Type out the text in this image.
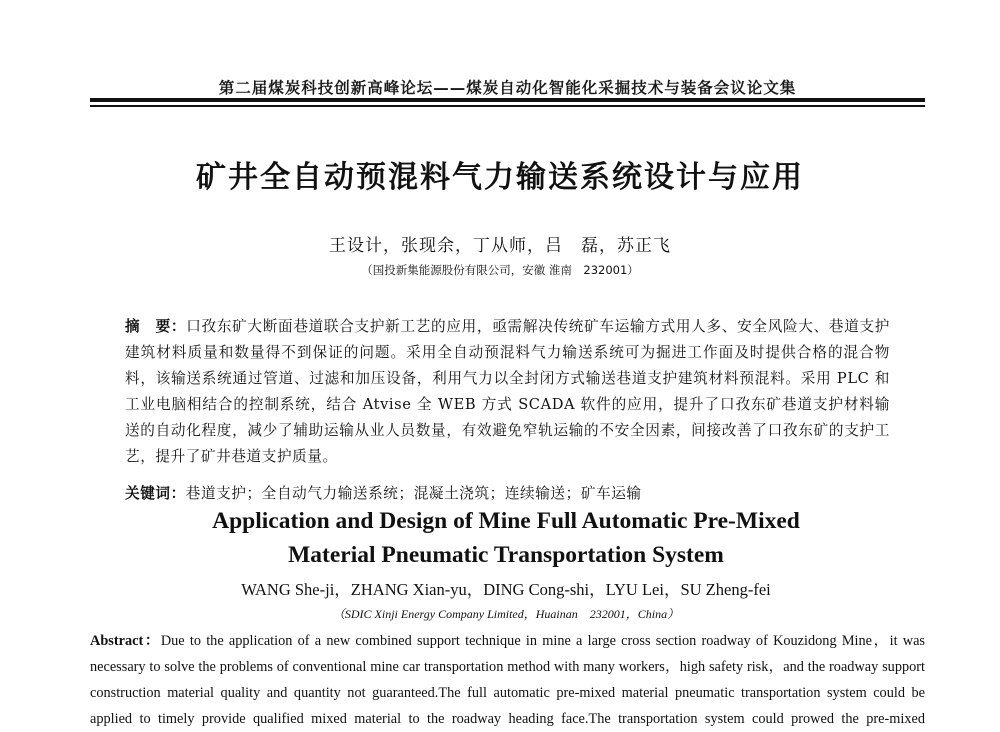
第二届煤炭科技创新高峰论坛——煤炭自动化智能化采掘技术与装备会议论文集
矿井全自动预混料气力输送系统设计与应用
王设计，张现余，丁从师，吕　磊，苏正飞
（国投新集能源股份有限公司，安徽 淮南　232001）
摘　要：口孜东矿大断面巷道联合支护新工艺的应用，亟需解决传统矿车运输方式用人多、安全风险大、巷道支护建筑材料质量和数量得不到保证的问题。采用全自动预混料气力输送系统可为掘进工作面及时提供合格的混合物料，该输送系统通过管道、过滤和加压设备，利用气力以全封闭方式输送巷道支护建筑材料预混料。采用 PLC 和工业电脑相结合的控制系统，结合 Atvise 全 WEB 方式 SCADA 软件的应用，提升了口孜东矿巷道支护材料输送的自动化程度，减少了辅助运输从业人员数量，有效避免窄轨运输的不安全因素，间接改善了口孜东矿的支护工艺，提升了矿井巷道支护质量。
关键词：巷道支护；全自动气力输送系统；混凝土浇筑；连续输送；矿车运输
Application and Design of Mine Full Automatic Pre-Mixed
Material Pneumatic Transportation System
WANG She-ji，ZHANG Xian-yu，DING Cong-shi，LYU Lei，SU Zheng-fei
（SDIC Xinji Energy Company Limited，Huainan　232001，China）
Abstract：Due to the application of a new combined support technique in mine a large cross section roadway of Kouzidong Mine，it was necessary to solve the problems of conventional mine car transportation method with many workers，high safety risk，and the roadway support construction material quality and quantity not guaranteed.The full automatic pre-mixed material pneumatic transportation system could be applied to timely provide qualified mixed material to the roadway heading face.The transportation system could prowed the pre-mixed
